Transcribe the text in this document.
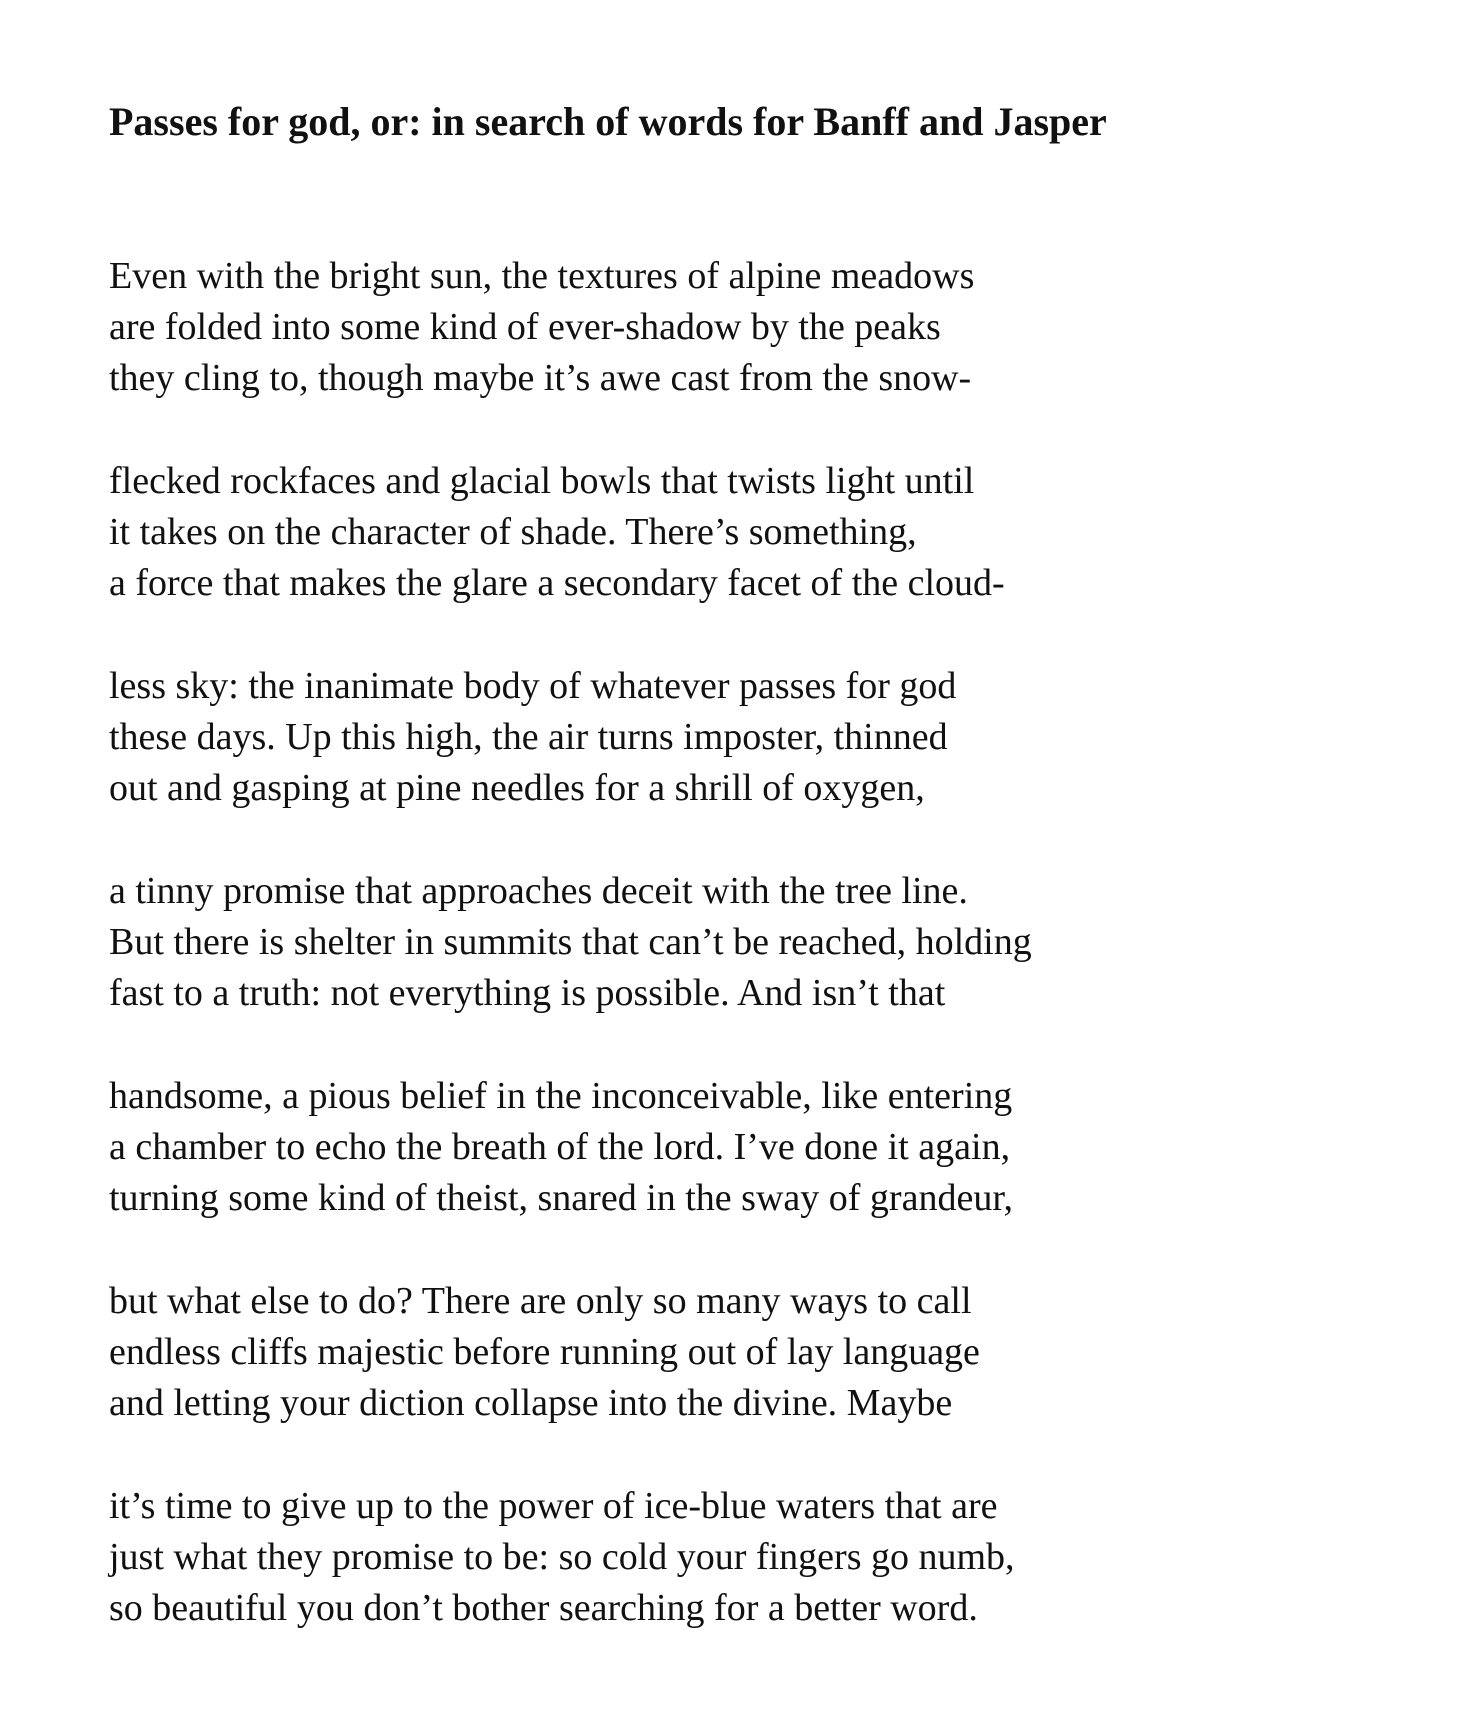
Passes for god, or: in search of words for Banff and Jasper
Even with the bright sun, the textures of alpine meadows
are folded into some kind of ever-shadow by the peaks
they cling to, though maybe it’s awe cast from the snow-
flecked rockfaces and glacial bowls that twists light until
it takes on the character of shade. There’s something,
a force that makes the glare a secondary facet of the cloud-
less sky: the inanimate body of whatever passes for god
these days. Up this high, the air turns imposter, thinned
out and gasping at pine needles for a shrill of oxygen,
a tinny promise that approaches deceit with the tree line.
But there is shelter in summits that can’t be reached, holding
fast to a truth: not everything is possible. And isn’t that
handsome, a pious belief in the inconceivable, like entering
a chamber to echo the breath of the lord. I’ve done it again,
turning some kind of theist, snared in the sway of grandeur,
but what else to do? There are only so many ways to call
endless cliffs majestic before running out of lay language
and letting your diction collapse into the divine. Maybe
it’s time to give up to the power of ice-blue waters that are
just what they promise to be: so cold your fingers go numb,
so beautiful you don’t bother searching for a better word.
